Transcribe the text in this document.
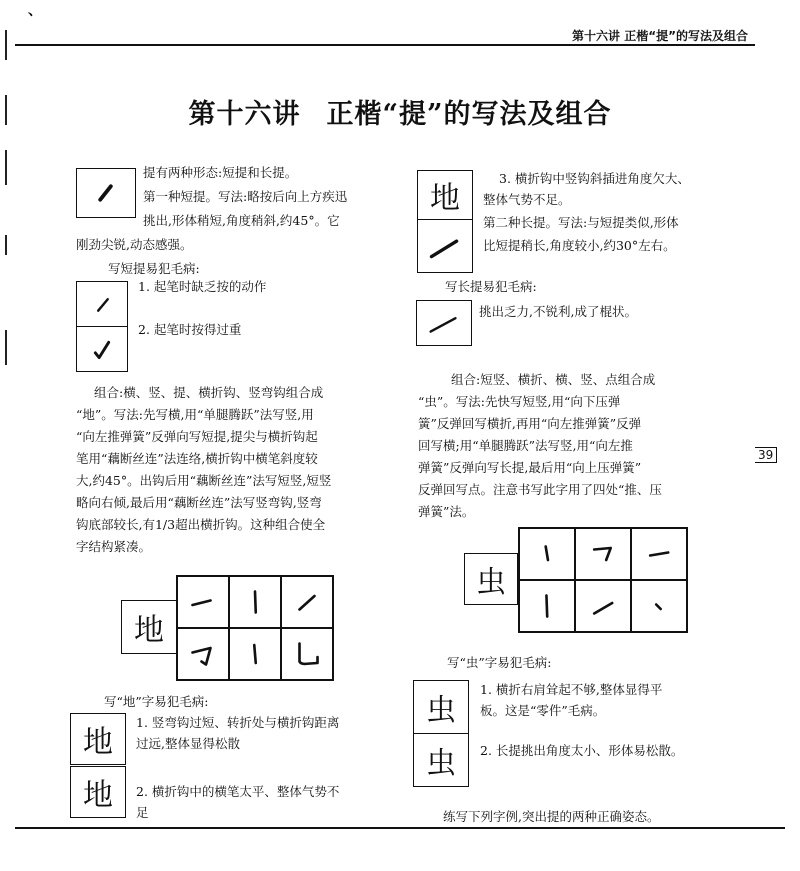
、
第十六讲 正楷“提”的写法及组合
第十六讲 正楷“提”的写法及组合
提有两种形态:短提和长提。
第一种短提。写法:略按后向上方疾迅
挑出,形体稍短,角度稍斜,约45°。它
刚劲尖锐,动态感强。
写短提易犯毛病:
1. 起笔时缺乏按的动作
2. 起笔时按得过重
组合:横、竖、提、横折钩、竖弯钩组合成
“地”。写法:先写横,用“单腿腾跃”法写竖,用
“向左推弹簧”反弹向写短提,提尖与横折钩起
笔用“藕断丝连”法连络,横折钩中横笔斜度较
大,约45°。出钩后用“藕断丝连”法写短竖,短竖
略向右倾,最后用“藕断丝连”法写竖弯钩,竖弯
钩底部较长,有1/3超出横折钩。这种组合使全
字结构紧凑。
地
写“地”字易犯毛病:
地
地
1. 竖弯钩过短、转折处与横折钩距离
过远,整体显得松散
2. 横折钩中的横笔太平、整体气势不
足
地
3. 横折钩中竖钩斜插进角度欠大、
整体气势不足。
第二种长提。写法:与短提类似,形体
比短提稍长,角度较小,约30°左右。
写长提易犯毛病:
挑出乏力,不锐利,成了棍状。
组合:短竖、横折、横、竖、点组合成
“虫”。写法:先快写短竖,用“向下压弹
簧”反弹回写横折,再用“向左推弹簧”反弹
回写横;用“单腿腾跃”法写竖,用“向左推
弹簧”反弹向写长提,最后用“向上压弹簧”
反弹回写点。注意书写此字用了四处“推、压
弹簧”法。
39
虫
写“虫”字易犯毛病:
虫
虫
1. 横折右肩耸起不够,整体显得平
板。这是“零件”毛病。
2. 长提挑出角度太小、形体易松散。
练写下列字例,突出提的两种正确姿态。
